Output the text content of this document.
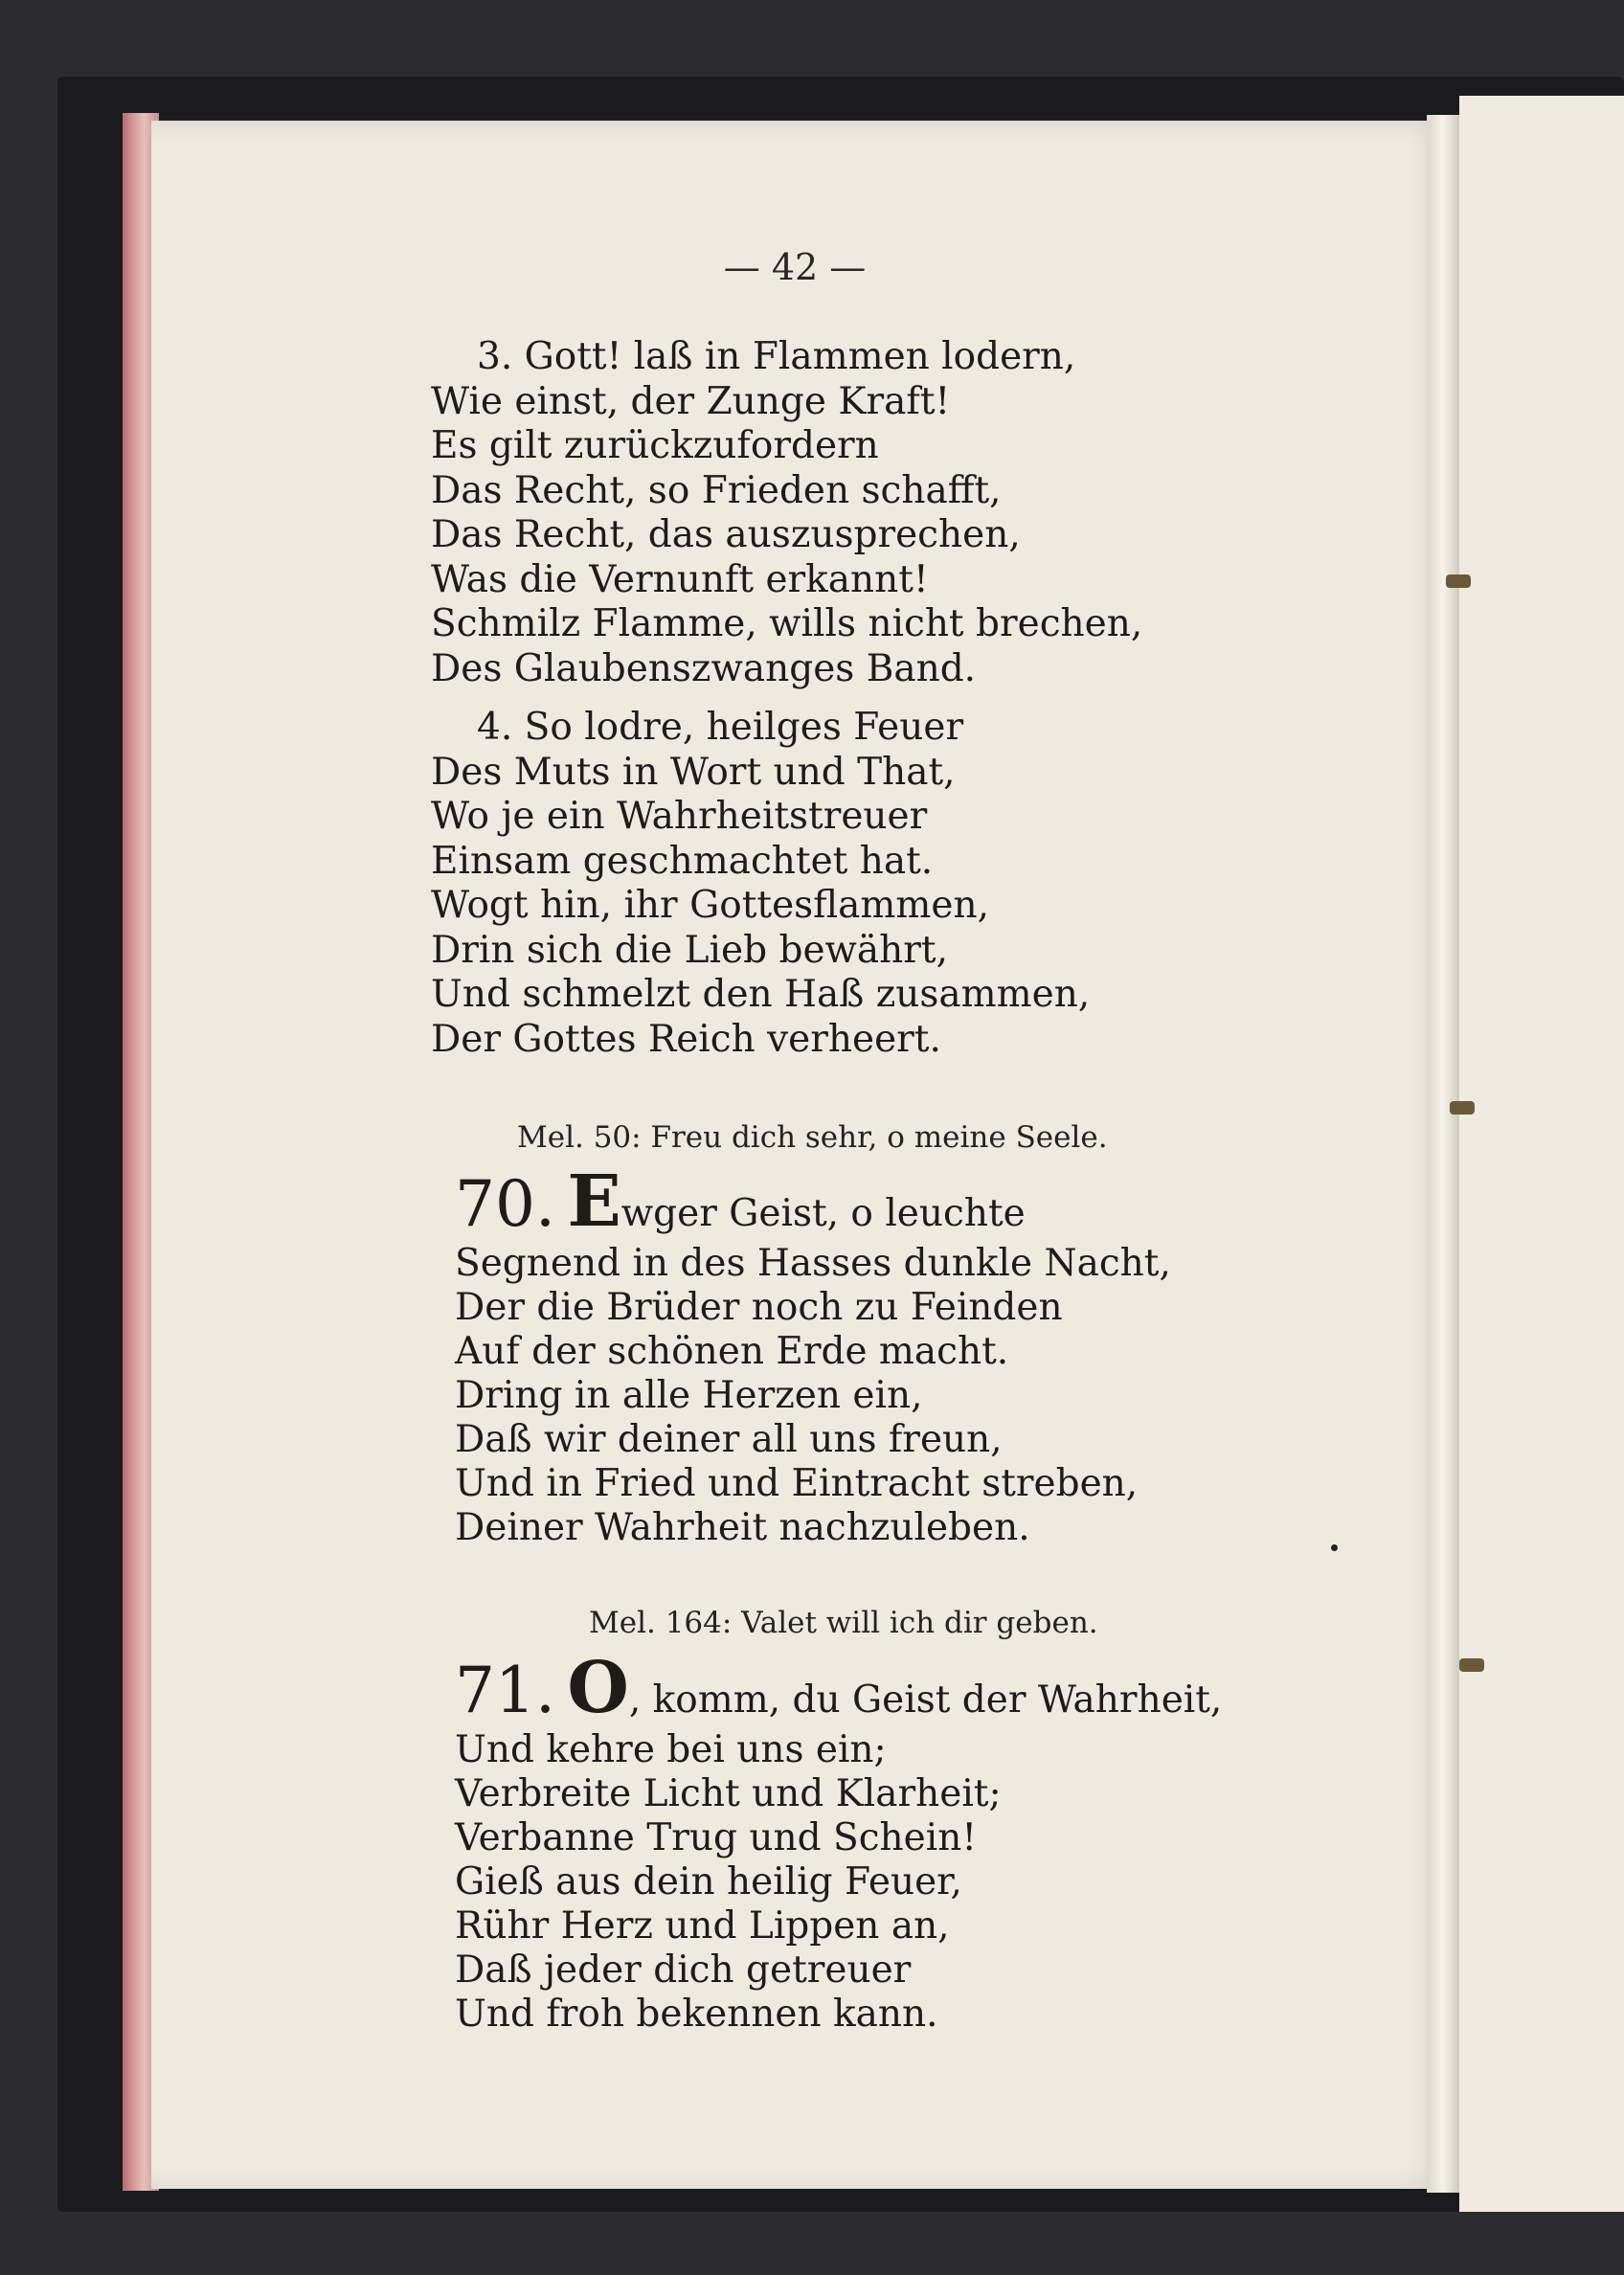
— 42 —

3. Gott! laß in Flammen lodern,
Wie einst, der Zunge Kraft!
Es gilt zurückzufordern
Das Recht, so Frieden schafft,
Das Recht, das auszusprechen,
Was die Vernunft erkannt!
Schmilz Flamme, wills nicht brechen,
Des Glaubenszwanges Band.

4. So lodre, heilges Feuer
Des Muts in Wort und That,
Wo je ein Wahrheitstreuer
Einsam geschmachtet hat.
Wogt hin, ihr Gottesflammen,
Drin sich die Lieb bewährt,
Und schmelzt den Haß zusammen,
Der Gottes Reich verheert.

Mel. 50: Freu dich sehr, o meine Seele.

70. Ewger Geist, o leuchte
Segnend in des Hasses dunkle Nacht,
Der die Brüder noch zu Feinden
Auf der schönen Erde macht.
Dring in alle Herzen ein,
Daß wir deiner all uns freun,
Und in Fried und Eintracht streben,
Deiner Wahrheit nachzuleben.

Mel. 164: Valet will ich dir geben.

71. O, komm, du Geist der Wahrheit,
Und kehre bei uns ein;
Verbreite Licht und Klarheit;
Verbanne Trug und Schein!
Gieß aus dein heilig Feuer,
Rühr Herz und Lippen an,
Daß jeder dich getreuer
Und froh bekennen kann.
